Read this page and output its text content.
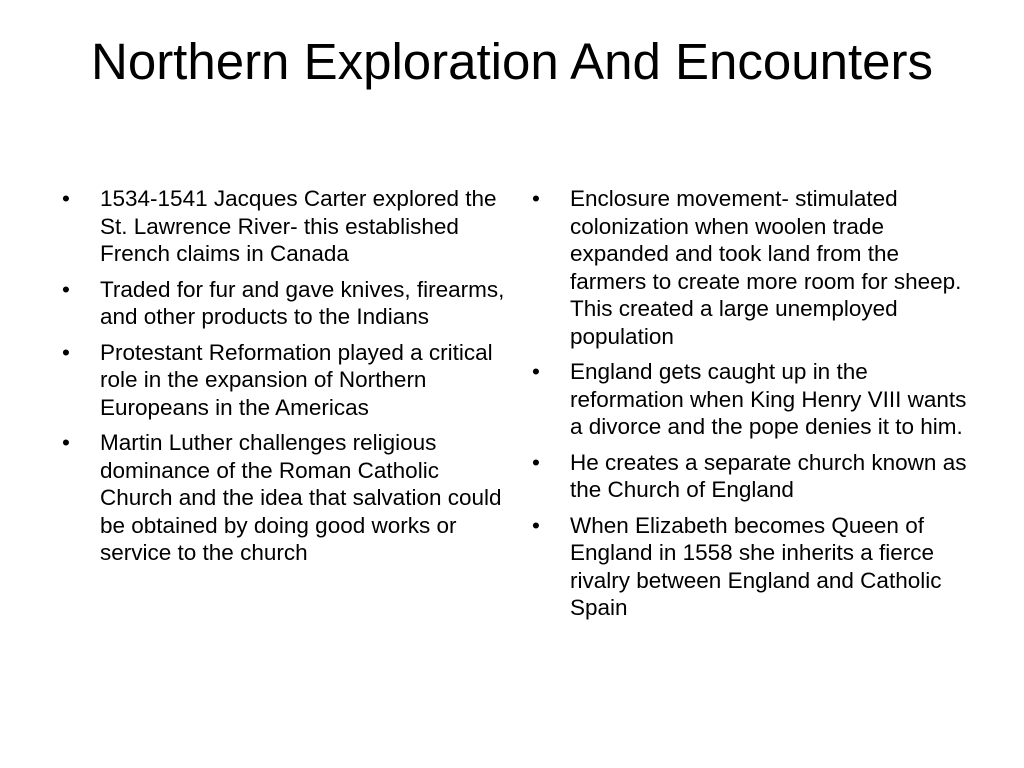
Northern Exploration And Encounters
•	1534-1541 Jacques Carter explored the St. Lawrence River- this established French claims in Canada
•	Traded for fur and gave knives, firearms, and other products to the Indians
•	Protestant Reformation played a critical role in the expansion of Northern Europeans in the Americas
•	Martin Luther challenges religious dominance of the Roman Catholic Church and the idea that salvation could be obtained by doing good works or service to the church
•	Enclosure movement- stimulated colonization when woolen trade expanded and took land from the farmers to create more room for sheep.  This created a large unemployed population
•	England gets caught up in the reformation when King Henry VIII wants a divorce and the pope denies it to him.
•	He creates a separate church known as the Church of England
•	When Elizabeth becomes Queen of England in 1558 she inherits a fierce rivalry between England and Catholic Spain
